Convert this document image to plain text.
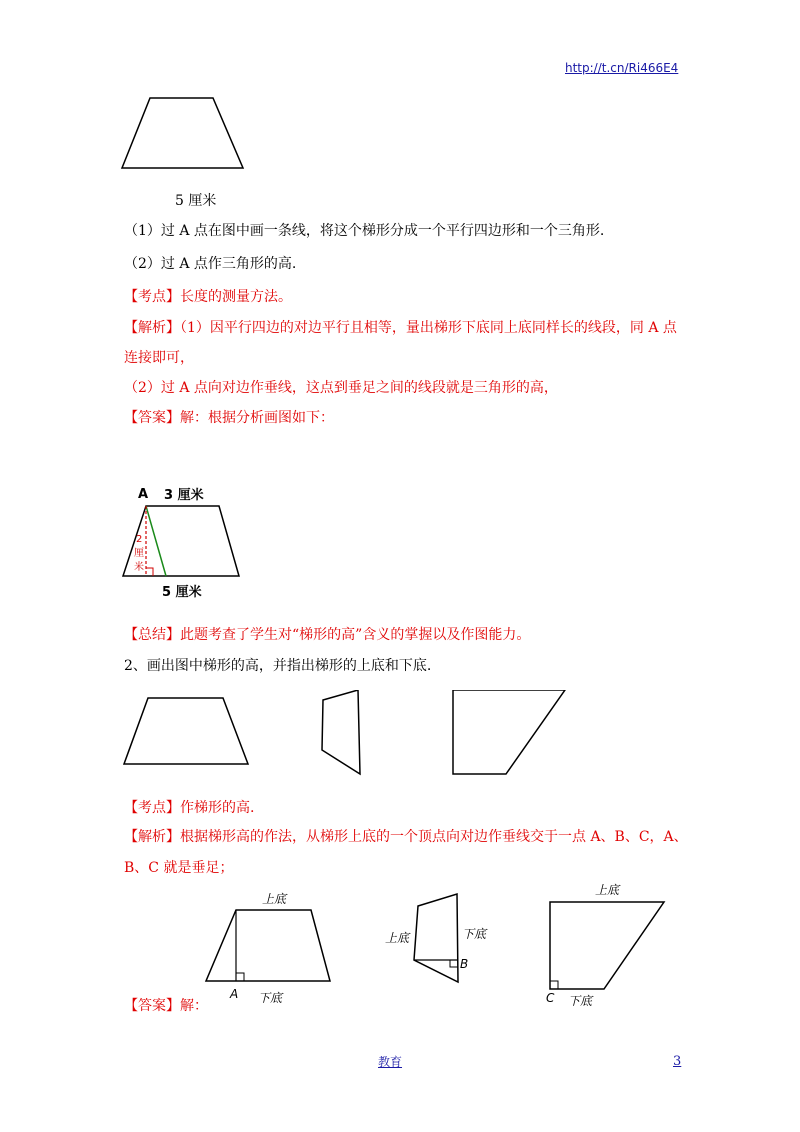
http://t.cn/Ri466E4
5 厘米
（1）过 A 点在图中画一条线，将这个梯形分成一个平行四边形和一个三角形.
（2）过 A 点作三角形的高.
【考点】长度的测量方法。
【解析】（1）因平行四边的对边平行且相等，量出梯形下底同上底同样长的线段，同 A 点
连接即可，
（2）过 A 点向对边作垂线，这点到垂足之间的线段就是三角形的高，
【答案】解：根据分析画图如下：
A 3 厘米
5 厘米
2
厘
米
【总结】此题考查了学生对“梯形的高”含义的掌握以及作图能力。
2、画出图中梯形的高，并指出梯形的上底和下底.
【考点】作梯形的高.
【解析】根据梯形高的作法，从梯形上底的一个顶点向对边作垂线交于一点 A、B、C，A、
B、C 就是垂足；
上底
下底
A
上底	下底
B
上底
下底
C
【答案】解：
教育	3
